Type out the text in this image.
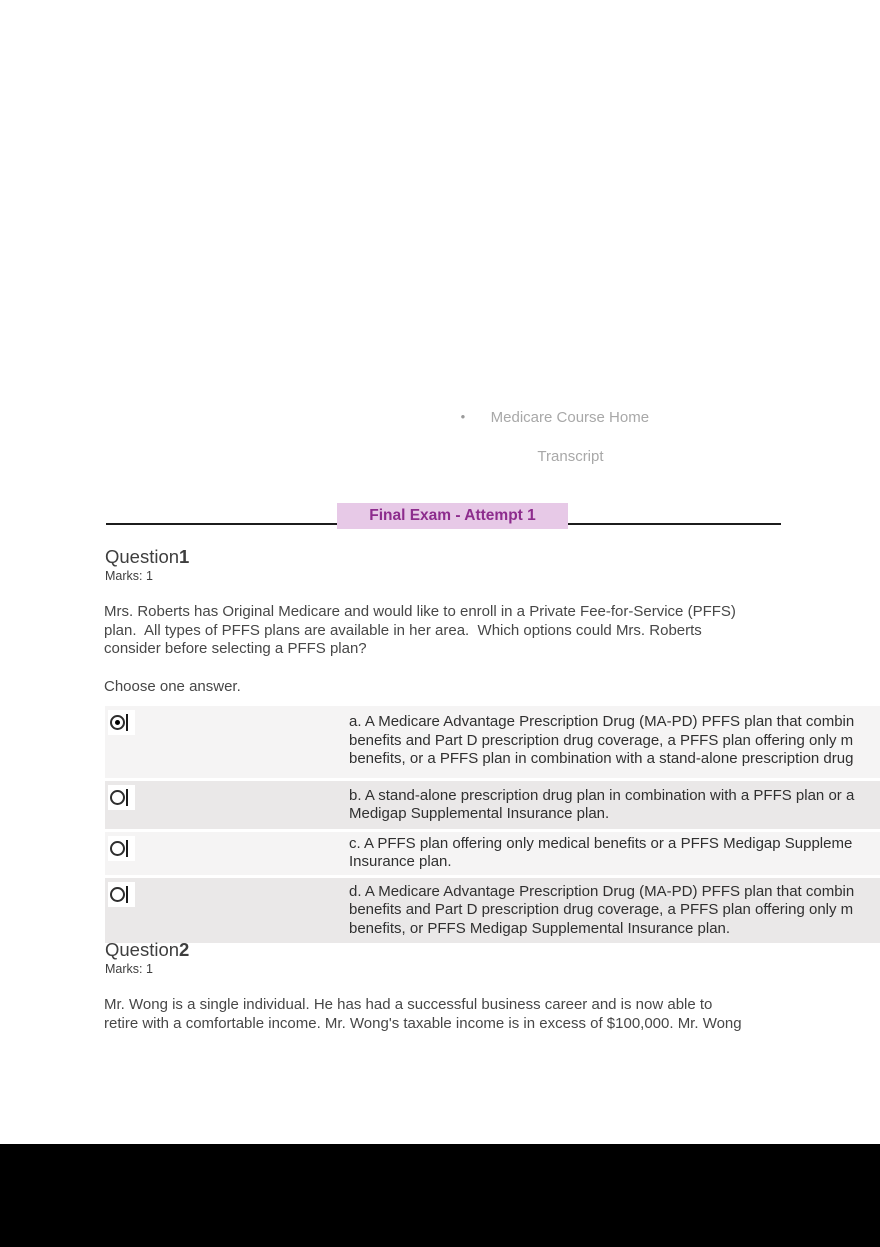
• Medicare Course Home

Transcript

Final Exam - Attempt 1
Question1
Marks: 1
Mrs. Roberts has Original Medicare and would like to enroll in a Private Fee-for-Service (PFFS)
plan.  All types of PFFS plans are available in her area.  Which options could Mrs. Roberts
consider before selecting a PFFS plan?
Choose one answer.
a. A Medicare Advantage Prescription Drug (MA-PD) PFFS plan that combin
benefits and Part D prescription drug coverage, a PFFS plan offering only m
benefits, or a PFFS plan in combination with a stand-alone prescription drug
b. A stand-alone prescription drug plan in combination with a PFFS plan or a
Medigap Supplemental Insurance plan.
c. A PFFS plan offering only medical benefits or a PFFS Medigap Suppleme
Insurance plan.
d. A Medicare Advantage Prescription Drug (MA-PD) PFFS plan that combin
benefits and Part D prescription drug coverage, a PFFS plan offering only m
benefits, or PFFS Medigap Supplemental Insurance plan.
Question2
Marks: 1
Mr. Wong is a single individual. He has had a successful business career and is now able to
retire with a comfortable income. Mr. Wong's taxable income is in excess of $100,000. Mr. Wong
